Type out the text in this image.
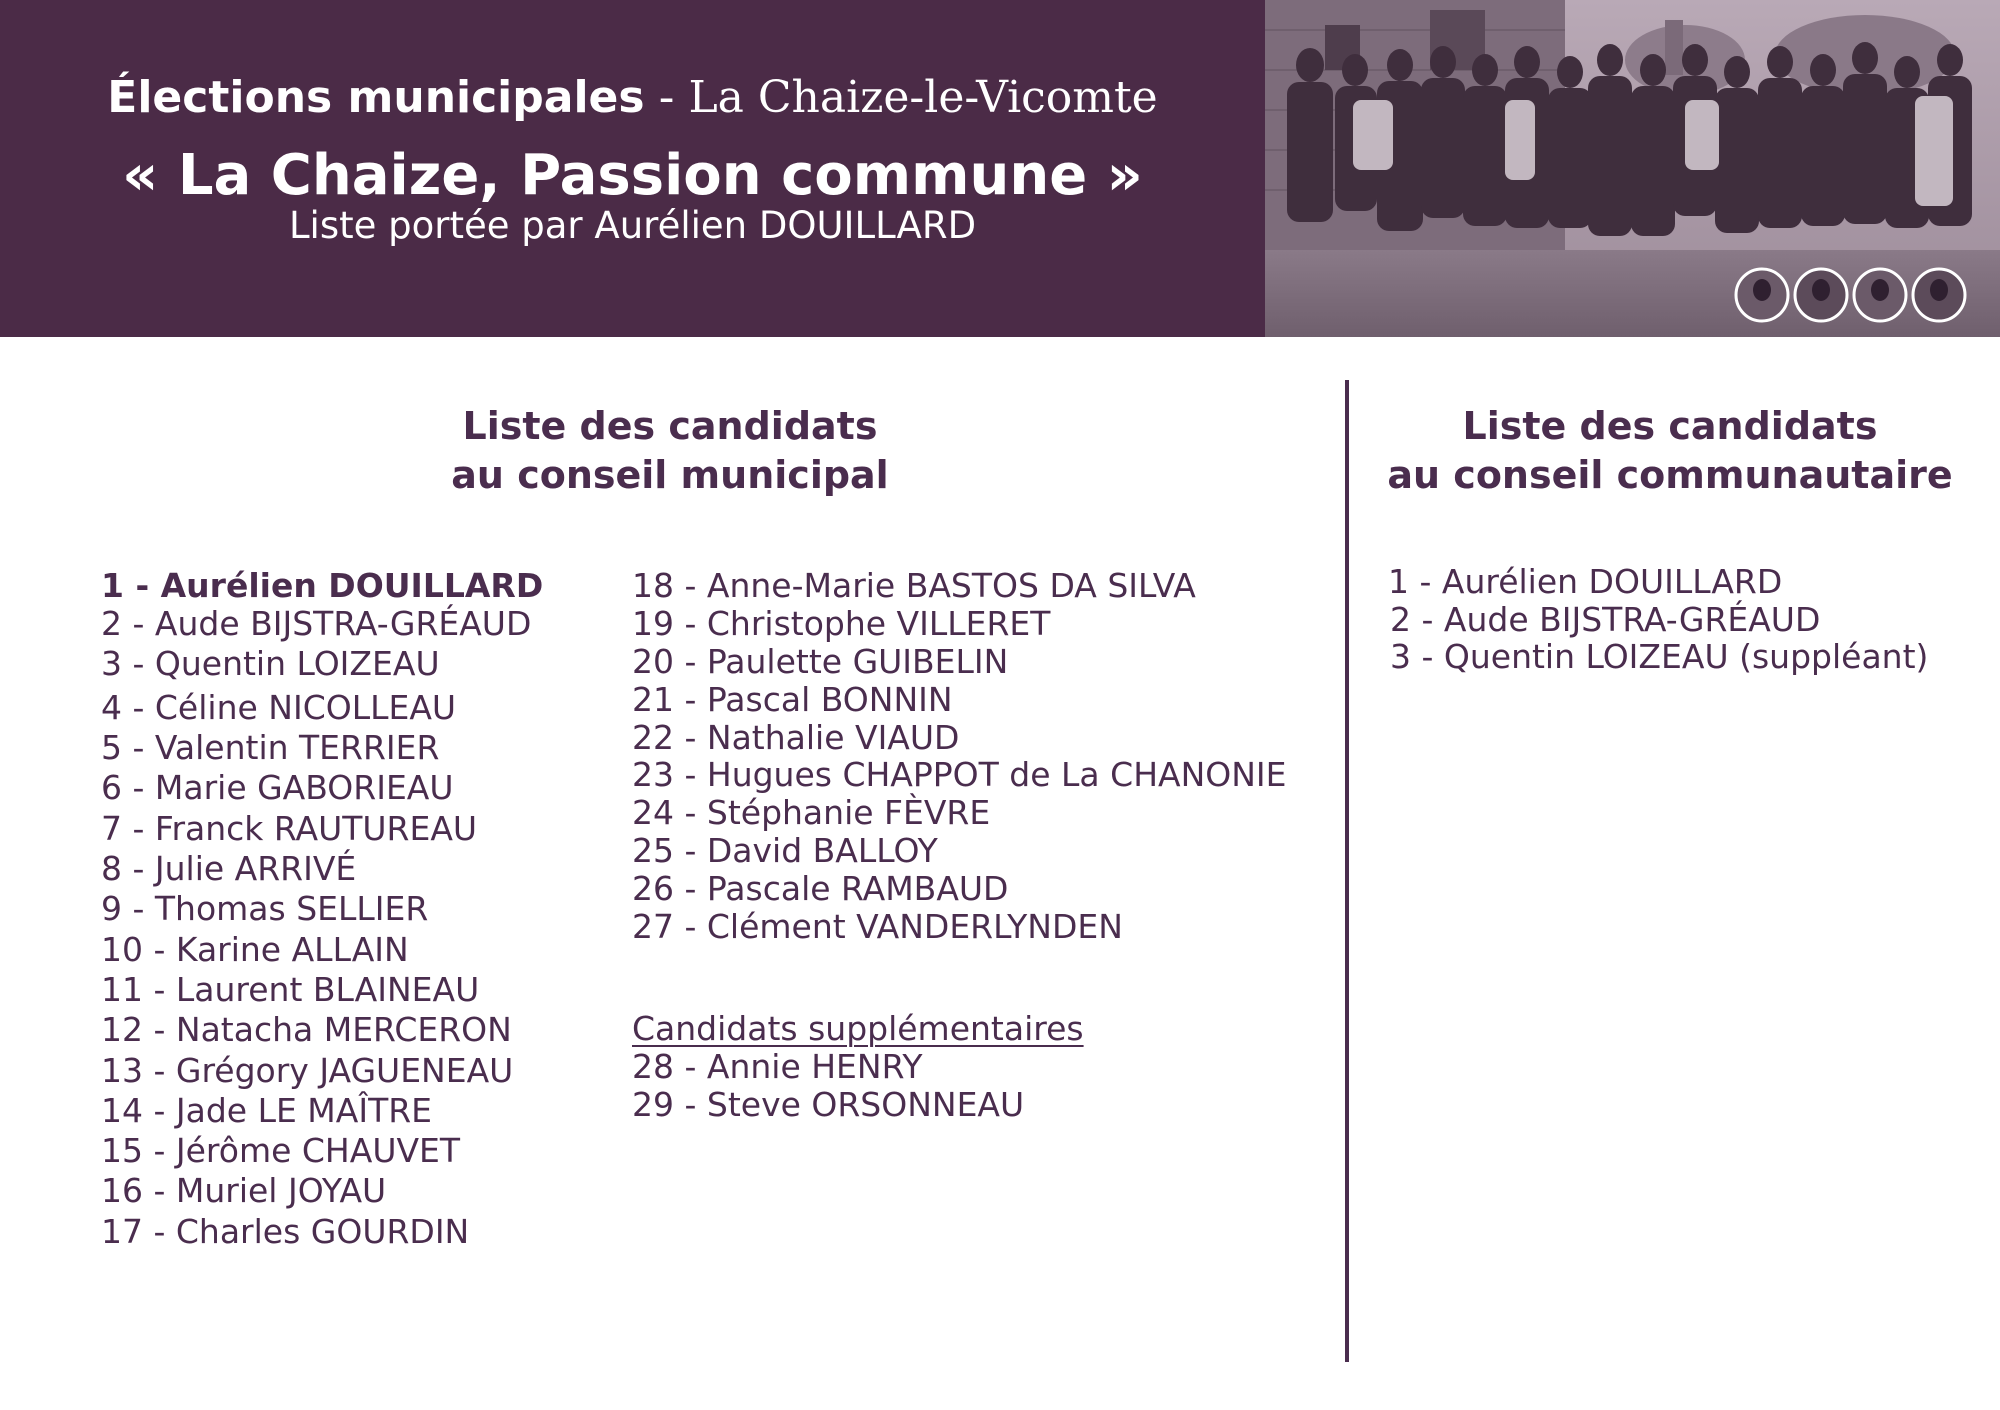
Élections municipales - La Chaize-le-Vicomte
« La Chaize, Passion commune »
Liste portée par Aurélien DOUILLARD
Liste des candidats
au conseil municipal
Liste des candidats
au conseil communautaire
1 - Aurélien DOUILLARD
2 - Aude BIJSTRA-GRÉAUD
3 - Quentin LOIZEAU
4 - Céline NICOLLEAU
5 - Valentin TERRIER
6 - Marie GABORIEAU
7 - Franck RAUTUREAU
8 - Julie ARRIVÉ
9 - Thomas SELLIER
10 - Karine ALLAIN
11 - Laurent BLAINEAU
12 - Natacha MERCERON
13 - Grégory JAGUENEAU
14 - Jade LE MAÎTRE
15 - Jérôme CHAUVET
16 - Muriel JOYAU
17 - Charles GOURDIN
18 - Anne-Marie BASTOS DA SILVA
19 - Christophe VILLERET
20 - Paulette GUIBELIN
21 - Pascal BONNIN
22 - Nathalie VIAUD
23 - Hugues CHAPPOT de La CHANONIE
24 - Stéphanie FÈVRE
25 - David BALLOY
26 - Pascale RAMBAUD
27 - Clément VANDERLYNDEN
Candidats supplémentaires
28 - Annie HENRY
29 - Steve ORSONNEAU
1 - Aurélien DOUILLARD
2 - Aude BIJSTRA-GRÉAUD
3 - Quentin LOIZEAU (suppléant)
